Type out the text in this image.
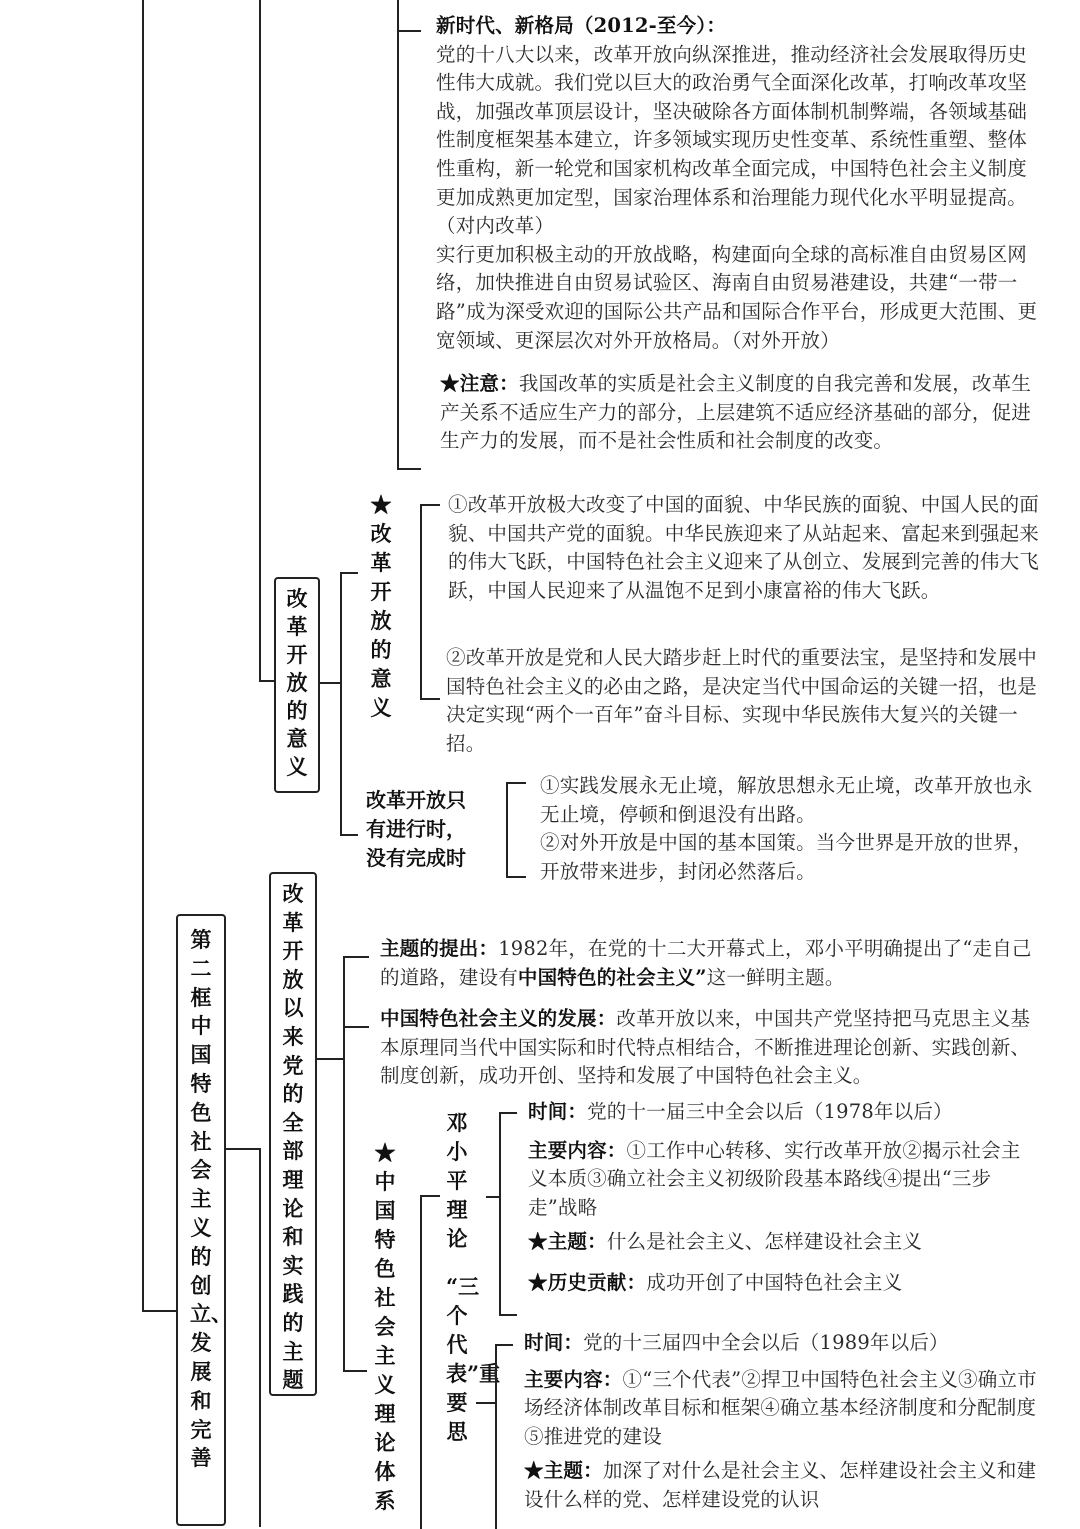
新时代、新格局（2012-至今）：

党的十八大以来，改革开放向纵深推进，推动经济社会发展取得历史性伟大成就。我们党以巨大的政治勇气全面深化改革，打响改革攻坚战，加强改革顶层设计，坚决破除各方面体制机制弊端，各领域基础性制度框架基本建立，许多领域实现历史性变革、系统性重塑、整体性重构，新一轮党和国家机构改革全面完成，中国特色社会主义制度更加成熟更加定型，国家治理体系和治理能力现代化水平明显提高。（对内改革）

实行更加积极主动的开放战略，构建面向全球的高标准自由贸易区网络，加快推进自由贸易试验区、海南自由贸易港建设，共建“一带一路”成为深受欢迎的国际公共产品和国际合作平台，形成更大范围、更宽领域、更深层次对外开放格局。（对外开放）

★注意：我国改革的实质是社会主义制度的自我完善和发展，改革生产关系不适应生产力的部分，上层建筑不适应经济基础的部分，促进生产力的发展，而不是社会性质和社会制度的改变。

改革开放的意义
★改革开放的意义

①改革开放极大改变了中国的面貌、中华民族的面貌、中国人民的面貌、中国共产党的面貌。中华民族迎来了从站起来、富起来到强起来的伟大飞跃，中国特色社会主义迎来了从创立、发展到完善的伟大飞跃，中国人民迎来了从温饱不足到小康富裕的伟大飞跃。

②改革开放是党和人民大踏步赶上时代的重要法宝，是坚持和发展中国特色社会主义的必由之路，是决定当代中国命运的关键一招，也是决定实现“两个一百年”奋斗目标、实现中华民族伟大复兴的关键一招。

改革开放只
有进行时，
没有完成时

①实践发展永无止境，解放思想永无止境，改革开放也永无止境，停顿和倒退没有出路。

②对外开放是中国的基本国策。当今世界是开放的世界，开放带来进步，封闭必然落后。

第二框　中国特色社会主义的创立、发展和完善
改革开放以来党的全部理论和实践的主题

主题的提出：1982年，在党的十二大开幕式上，邓小平明确提出了“走自己的道路，建设有中国特色的社会主义”这一鲜明主题。

中国特色社会主义的发展：改革开放以来，中国共产党坚持把马克思主义基本原理同当代中国实际和时代特点相结合，不断推进理论创新、实践创新、制度创新，成功开创、坚持和发展了中国特色社会主义。

★中国特色社会主义理论体系
邓小平理论

时间：党的十一届三中全会以后（1978年以后）

主要内容：①工作中心转移、实行改革开放②揭示社会主义本质③确立社会主义初级阶段基本路线④提出“三步走”战略

★主题：什么是社会主义、怎样建设社会主义

★历史贡献：成功开创了中国特色社会主义

“三个代表”重要思

时间：党的十三届四中全会以后（1989年以后）

主要内容：①“三个代表”②捍卫中国特色社会主义③确立市场经济体制改革目标和框架④确立基本经济制度和分配制度⑤推进党的建设

★主题：加深了对什么是社会主义、怎样建设社会主义和建设什么样的党、怎样建设党的认识
